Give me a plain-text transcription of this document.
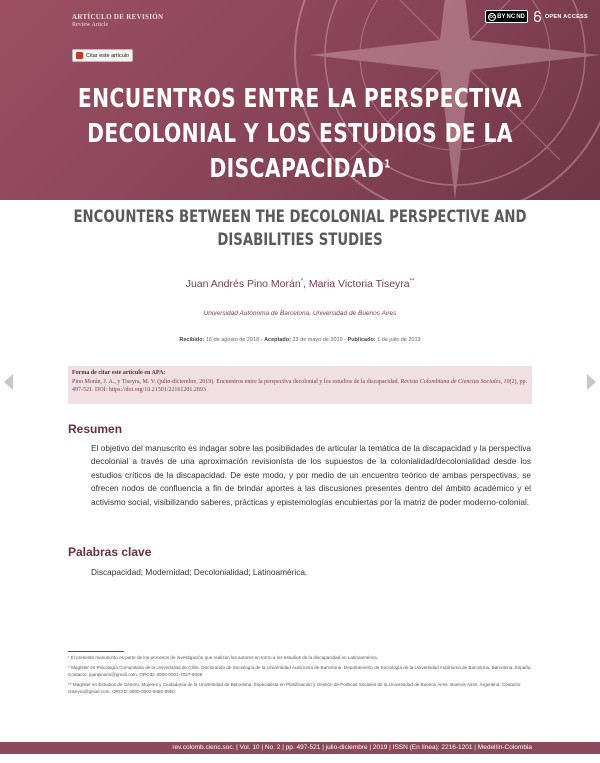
ARTÍCULO DE REVISIÓN
Review Article
cc BY NC ND	OPEN ACCESS
Citar este artículo
ENCUENTROS ENTRE LA PERSPECTIVA
DECOLONIAL Y LOS ESTUDIOS DE LA
DISCAPACIDAD$^1$
ENCOUNTERS BETWEEN THE DECOLONIAL PERSPECTIVE AND
DISABILITIES STUDIES
Juan Andrés Pino Morán*, Maria Victoria Tiseyra**
Universidad Autónoma de Barcelona, Universidad de Buenos Aires
Recibido: 16 de agosto de 2018 - Aceptado: 23 de mayo de 2019 - Publicado: 1 de julio de 2019
Forma de citar este artículo en APA:
Pino Morán, J. A., y Tiseyra, M. V. (julio-diciembre, 2019). Encuentros entre la perspectiva decolonial y los estudios de la discapacidad. Revista Colombiana de Ciencias Sociales, 10(2), pp. 497-521. DOI: https://doi.org/10.21501/22161201.2893
Resumen

El objetivo del manuscrito es indagar sobre las posibilidades de articular la temática de la discapacidad y la perspectiva decolonial a través de una aproximación revisionista de los supuestos de la colonialidad/decolonialidad desde los estudios críticos de la discapacidad. De este modo, y por medio de un encuentro teórico de ambas perspectivas, se ofrecen nodos de confluencia a fin de brindar aportes a las discusiones presentes dentro del ámbito académico y el activismo social, visibilizando saberes, prácticas y epistemologías encubiertas por la matriz de poder moderno-colonial.

Palabras clave

Discapacidad; Modernidad; Decolonialidad; Latinoamérica.

¹ El presente manuscrito es parte de los procesos de investigación que realizan los autores en torno a los estudios de la discapacidad en Latinoamérica.

* Magíster en Psicología Comunitaria de la Universidad de Chile. Doctorando de Sociología de la Universidad Autónoma de Barcelona. Departamento de Sociología de la Universidad Autónoma de Barcelona. Barcelona, España. Contacto: juanpinomi@gmail.com, ORCID: 0000-0001-7027-6008

** Magíster en Estudios de Género, Mujeres y Ciudadanía de la Universidad de Barcelona, Especialista en Planificación y Gestión de Políticas Sociales de la Universidad de Buenos Aires. Buenos Aires, Argentina. Contacto: vtiseyra@gmail.com, ORCID: 0000-0002-8450-8950

rev.colomb.cienc.soc. | Vol. 10 | No. 2 | pp. 497-521 | julio-diciembre | 2019 | ISSN (En línea): 2216-1201 | Medellín-Colombia
